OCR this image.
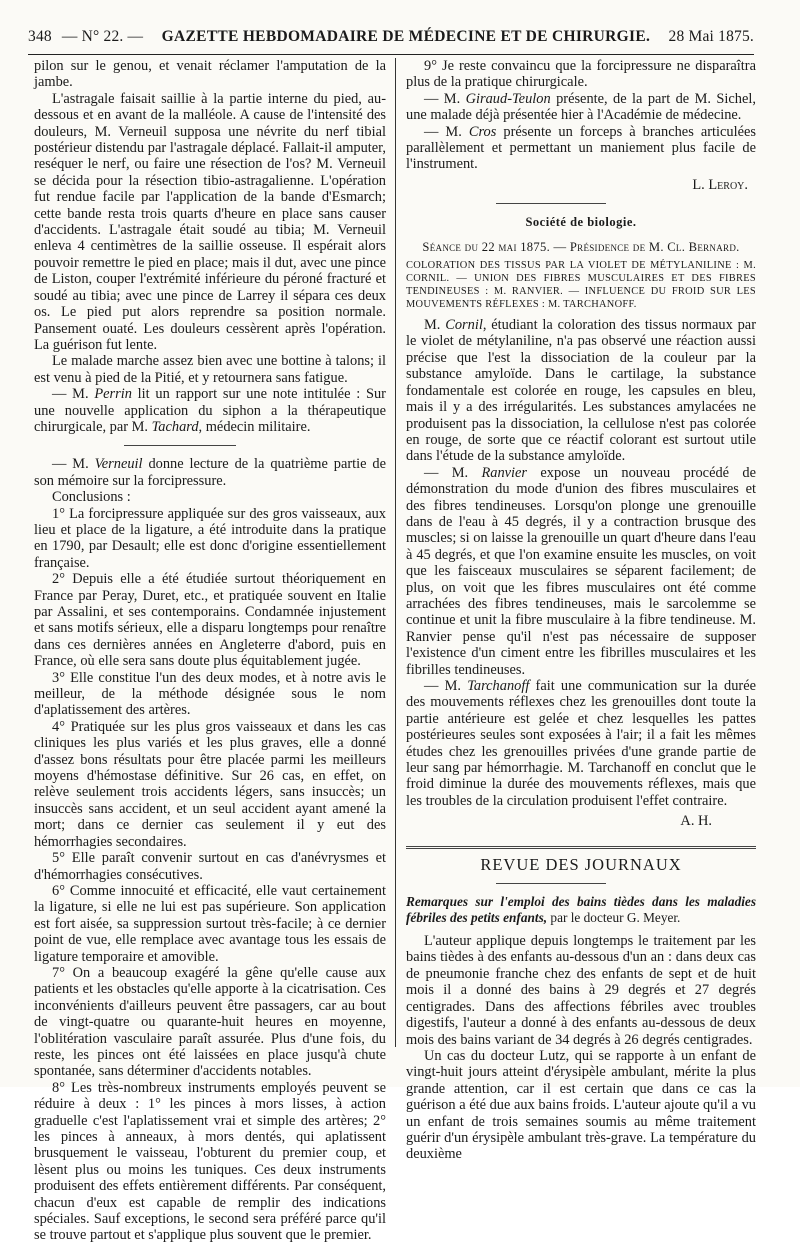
348 — N° 22. — GAZETTE HEBDOMADAIRE DE MÉDECINE ET DE CHIRURGIE. 28 Mai 1875.

pilon sur le genou, et venait réclamer l'amputation de la jambe.

L'astragale faisait saillie à la partie interne du pied, au-dessous et en avant de la malléole. A cause de l'intensité des douleurs, M. Verneuil supposa une névrite du nerf tibial postérieur distendu par l'astragale déplacé. Fallait-il amputer, reséquer le nerf, ou faire une résection de l'os? M. Verneuil se décida pour la résection tibio-astragalienne. L'opération fut rendue facile par l'application de la bande d'Esmarch; cette bande resta trois quarts d'heure en place sans causer d'accidents. L'astragale était soudé au tibia; M. Verneuil enleva 4 centimètres de la saillie osseuse. Il espérait alors pouvoir remettre le pied en place; mais il dut, avec une pince de Liston, couper l'extrémité inférieure du péroné fracturé et soudé au tibia; avec une pince de Larrey il sépara ces deux os. Le pied put alors reprendre sa position normale. Pansement ouaté. Les douleurs cessèrent après l'opération. La guérison fut lente.

Le malade marche assez bien avec une bottine à talons; il est venu à pied de la Pitié, et y retournera sans fatigue.

— M. Perrin lit un rapport sur une note intitulée : Sur une nouvelle application du siphon a la thérapeutique chirurgicale, par M. Tachard, médecin militaire.

— M. Verneuil donne lecture de la quatrième partie de son mémoire sur la forcipressure.

Conclusions :

1° La forcipressure appliquée sur des gros vaisseaux, aux lieu et place de la ligature, a été introduite dans la pratique en 1790, par Desault; elle est donc d'origine essentiellement française.

2° Depuis elle a été étudiée surtout théoriquement en France par Peray, Duret, etc., et pratiquée souvent en Italie par Assalini, et ses contemporains. Condamnée injustement et sans motifs sérieux, elle a disparu longtemps pour renaître dans ces dernières années en Angleterre d'abord, puis en France, où elle sera sans doute plus équitablement jugée.

3° Elle constitue l'un des deux modes, et à notre avis le meilleur, de la méthode désignée sous le nom d'aplatissement des artères.

4° Pratiquée sur les plus gros vaisseaux et dans les cas cliniques les plus variés et les plus graves, elle a donné d'assez bons résultats pour être placée parmi les meilleurs moyens d'hémostase définitive. Sur 26 cas, en effet, on relève seulement trois accidents légers, sans insuccès; un insuccès sans accident, et un seul accident ayant amené la mort; dans ce dernier cas seulement il y eut des hémorrhagies secondaires.

5° Elle paraît convenir surtout en cas d'anévrysmes et d'hémorrhagies consécutives.

6° Comme innocuité et efficacité, elle vaut certainement la ligature, si elle ne lui est pas supérieure. Son application est fort aisée, sa suppression surtout très-facile; à ce dernier point de vue, elle remplace avec avantage tous les essais de ligature temporaire et amovible.

7° On a beaucoup exagéré la gêne qu'elle cause aux patients et les obstacles qu'elle apporte à la cicatrisation. Ces inconvénients d'ailleurs peuvent être passagers, car au bout de vingt-quatre ou quarante-huit heures en moyenne, l'oblitération vasculaire paraît assurée. Plus d'une fois, du reste, les pinces ont été laissées en place jusqu'à chute spontanée, sans déterminer d'accidents notables.

8° Les très-nombreux instruments employés peuvent se réduire à deux : 1° les pinces à mors lisses, à action graduelle c'est l'aplatissement vrai et simple des artères; 2° les pinces à anneaux, à mors dentés, qui aplatissent brusquement le vaisseau, l'obturent du premier coup, et lèsent plus ou moins les tuniques. Ces deux instruments produisent des effets entièrement différents. Par conséquent, chacun d'eux est capable de remplir des indications spéciales. Sauf exceptions, le second sera préféré parce qu'il se trouve partout et s'applique plus souvent que le premier.

9° Je reste convaincu que la forcipressure ne disparaîtra plus de la pratique chirurgicale.

— M. Giraud-Teulon présente, de la part de M. Sichel, une malade déjà présentée hier à l'Académie de médecine.

— M. Cros présente un forceps à branches articulées parallèlement et permettant un maniement plus facile de l'instrument.

L. Leroy.

Société de biologie.

Séance du 22 mai 1875. — Présidence de M. Cl. Bernard.

COLORATION DES TISSUS PAR LA VIOLET DE MÉTYLANILINE : M. CORNIL. — UNION DES FIBRES MUSCULAIRES ET DES FIBRES TENDINEUSES : M. RANVIER. — INFLUENCE DU FROID SUR LES MOUVEMENTS RÉFLEXES : M. TARCHANOFF.

M. Cornil, étudiant la coloration des tissus normaux par le violet de métylaniline, n'a pas observé une réaction aussi précise que l'est la dissociation de la couleur par la substance amyloïde. Dans le cartilage, la substance fondamentale est colorée en rouge, les capsules en bleu, mais il y a des irrégularités. Les substances amylacées ne produisent pas la dissociation, la cellulose n'est pas colorée en rouge, de sorte que ce réactif colorant est surtout utile dans l'étude de la substance amyloïde.

— M. Ranvier expose un nouveau procédé de démonstration du mode d'union des fibres musculaires et des fibres tendineuses. Lorsqu'on plonge une grenouille dans de l'eau à 45 degrés, il y a contraction brusque des muscles; si on laisse la grenouille un quart d'heure dans l'eau à 45 degrés, et que l'on examine ensuite les muscles, on voit que les faisceaux musculaires se séparent facilement; de plus, on voit que les fibres musculaires ont été comme arrachées des fibres tendineuses, mais le sarcolemme se continue et unit la fibre musculaire à la fibre tendineuse. M. Ranvier pense qu'il n'est pas nécessaire de supposer l'existence d'un ciment entre les fibrilles musculaires et les fibrilles tendineuses.

— M. Tarchanoff fait une communication sur la durée des mouvements réflexes chez les grenouilles dont toute la partie antérieure est gelée et chez lesquelles les pattes postérieures seules sont exposées à l'air; il a fait les mêmes études chez les grenouilles privées d'une grande partie de leur sang par hémorrhagie. M. Tarchanoff en conclut que le froid diminue la durée des mouvements réflexes, mais que les troubles de la circulation produisent l'effet contraire.

A. H.

REVUE DES JOURNAUX

Remarques sur l'emploi des bains tièdes dans les maladies fébriles des petits enfants, par le docteur G. Meyer.

L'auteur applique depuis longtemps le traitement par les bains tièdes à des enfants au-dessous d'un an : dans deux cas de pneumonie franche chez des enfants de sept et de huit mois il a donné des bains à 29 degrés et 27 degrés centigrades. Dans des affections fébriles avec troubles digestifs, l'auteur a donné à des enfants au-dessous de deux mois des bains variant de 34 degrés à 26 degrés centigrades.

Un cas du docteur Lutz, qui se rapporte à un enfant de vingt-huit jours atteint d'érysipèle ambulant, mérite la plus grande attention, car il est certain que dans ce cas la guérison a été due aux bains froids. L'auteur ajoute qu'il a vu un enfant de trois semaines soumis au même traitement guérir d'un érysipèle ambulant très-grave. La température du deuxième
